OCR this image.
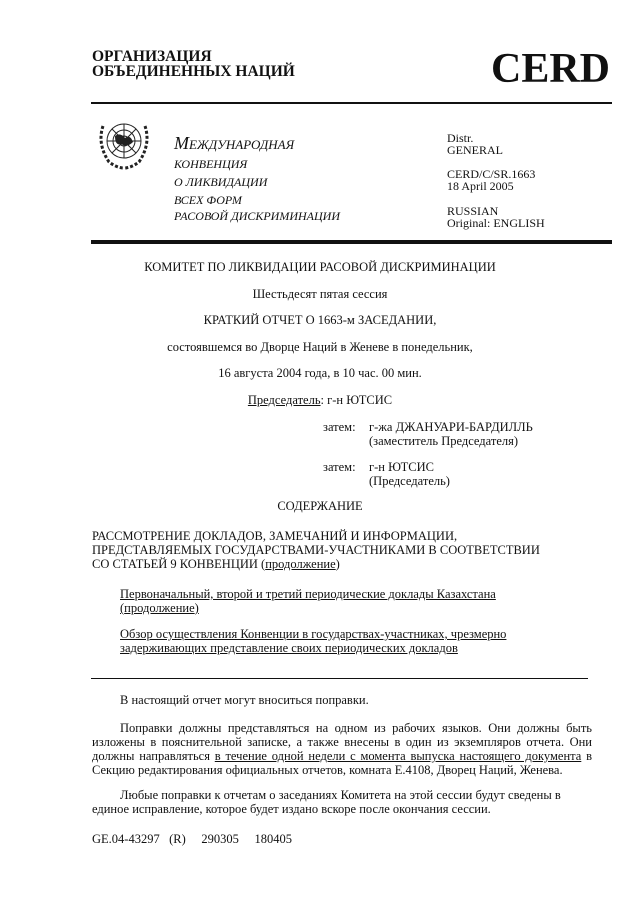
ОРГАНИЗАЦИЯ
ОБЪЕДИНЕННЫХ НАЦИЙ	CERD
Международная
КОНВЕНЦИЯ
О ЛИКВИДАЦИИ
ВСЕХ ФОРМ
РАСОВОЙ ДИСКРИМИНАЦИИ
Distr.
GENERAL
CERD/C/SR.1663
18 April 2005
RUSSIAN
Original: ENGLISH
КОМИТЕТ ПО ЛИКВИДАЦИИ РАСОВОЙ ДИСКРИМИНАЦИИ
Шестьдесят пятая сессия
КРАТКИЙ ОТЧЕТ О 1663-м ЗАСЕДАНИИ,
состоявшемся во Дворце Наций в Женеве в понедельник,
16 августа 2004 года, в 10 час. 00 мин.
Председатель: г-н ЮТСИС
затем: г-жа ДЖАНУАРИ-БАРДИЛЛЬ
(заместитель Председателя)
затем: г-н ЮТСИС
(Председатель)
СОДЕРЖАНИЕ
РАССМОТРЕНИЕ ДОКЛАДОВ, ЗАМЕЧАНИЙ И ИНФОРМАЦИИ,
ПРЕДСТАВЛЯЕМЫХ ГОСУДАРСТВАМИ-УЧАСТНИКАМИ В СООТВЕТСТВИИ
СО СТАТЬЕЙ 9 КОНВЕНЦИИ (продолжение)
Первоначальный, второй и третий периодические доклады Казахстана
(продолжение)
Обзор осуществления Конвенции в государствах-участниках, чрезмерно
задерживающих представление своих периодических докладов
В настоящий отчет могут вноситься поправки.
Поправки должны представляться на одном из рабочих языков. Они должны быть изложены в пояснительной записке, а также внесены в один из экземпляров отчета. Они должны направляться в течение одной недели с момента выпуска настоящего документа в Секцию редактирования официальных отчетов, комната E.4108, Дворец Наций, Женева.
Любые поправки к отчетам о заседаниях Комитета на этой сессии будут сведены в единое исправление, которое будет издано вскоре после окончания сессии.
GE.04-43297   (R)     290305     180405
